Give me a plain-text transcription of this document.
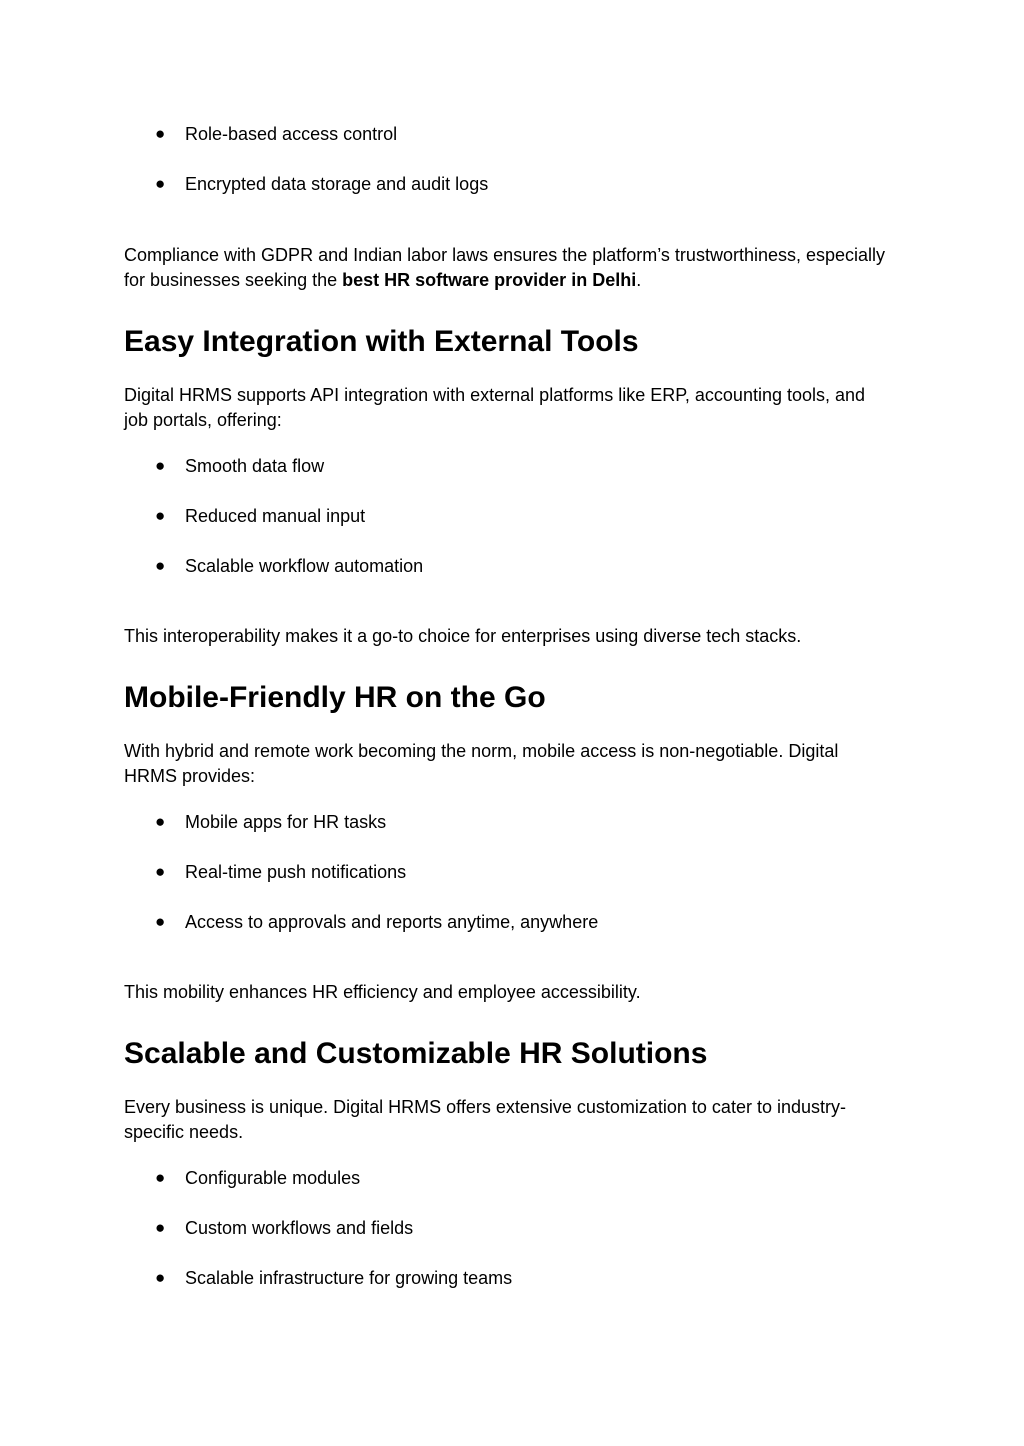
● Role-based access control
● Encrypted data storage and audit logs

Compliance with GDPR and Indian labor laws ensures the platform’s trustworthiness, especially for businesses seeking the best HR software provider in Delhi.

Easy Integration with External Tools

Digital HRMS supports API integration with external platforms like ERP, accounting tools, and job portals, offering:

● Smooth data flow
● Reduced manual input
● Scalable workflow automation

This interoperability makes it a go-to choice for enterprises using diverse tech stacks.

Mobile-Friendly HR on the Go

With hybrid and remote work becoming the norm, mobile access is non-negotiable. Digital HRMS provides:

● Mobile apps for HR tasks
● Real-time push notifications
● Access to approvals and reports anytime, anywhere

This mobility enhances HR efficiency and employee accessibility.

Scalable and Customizable HR Solutions

Every business is unique. Digital HRMS offers extensive customization to cater to industry-specific needs.

● Configurable modules
● Custom workflows and fields
● Scalable infrastructure for growing teams
